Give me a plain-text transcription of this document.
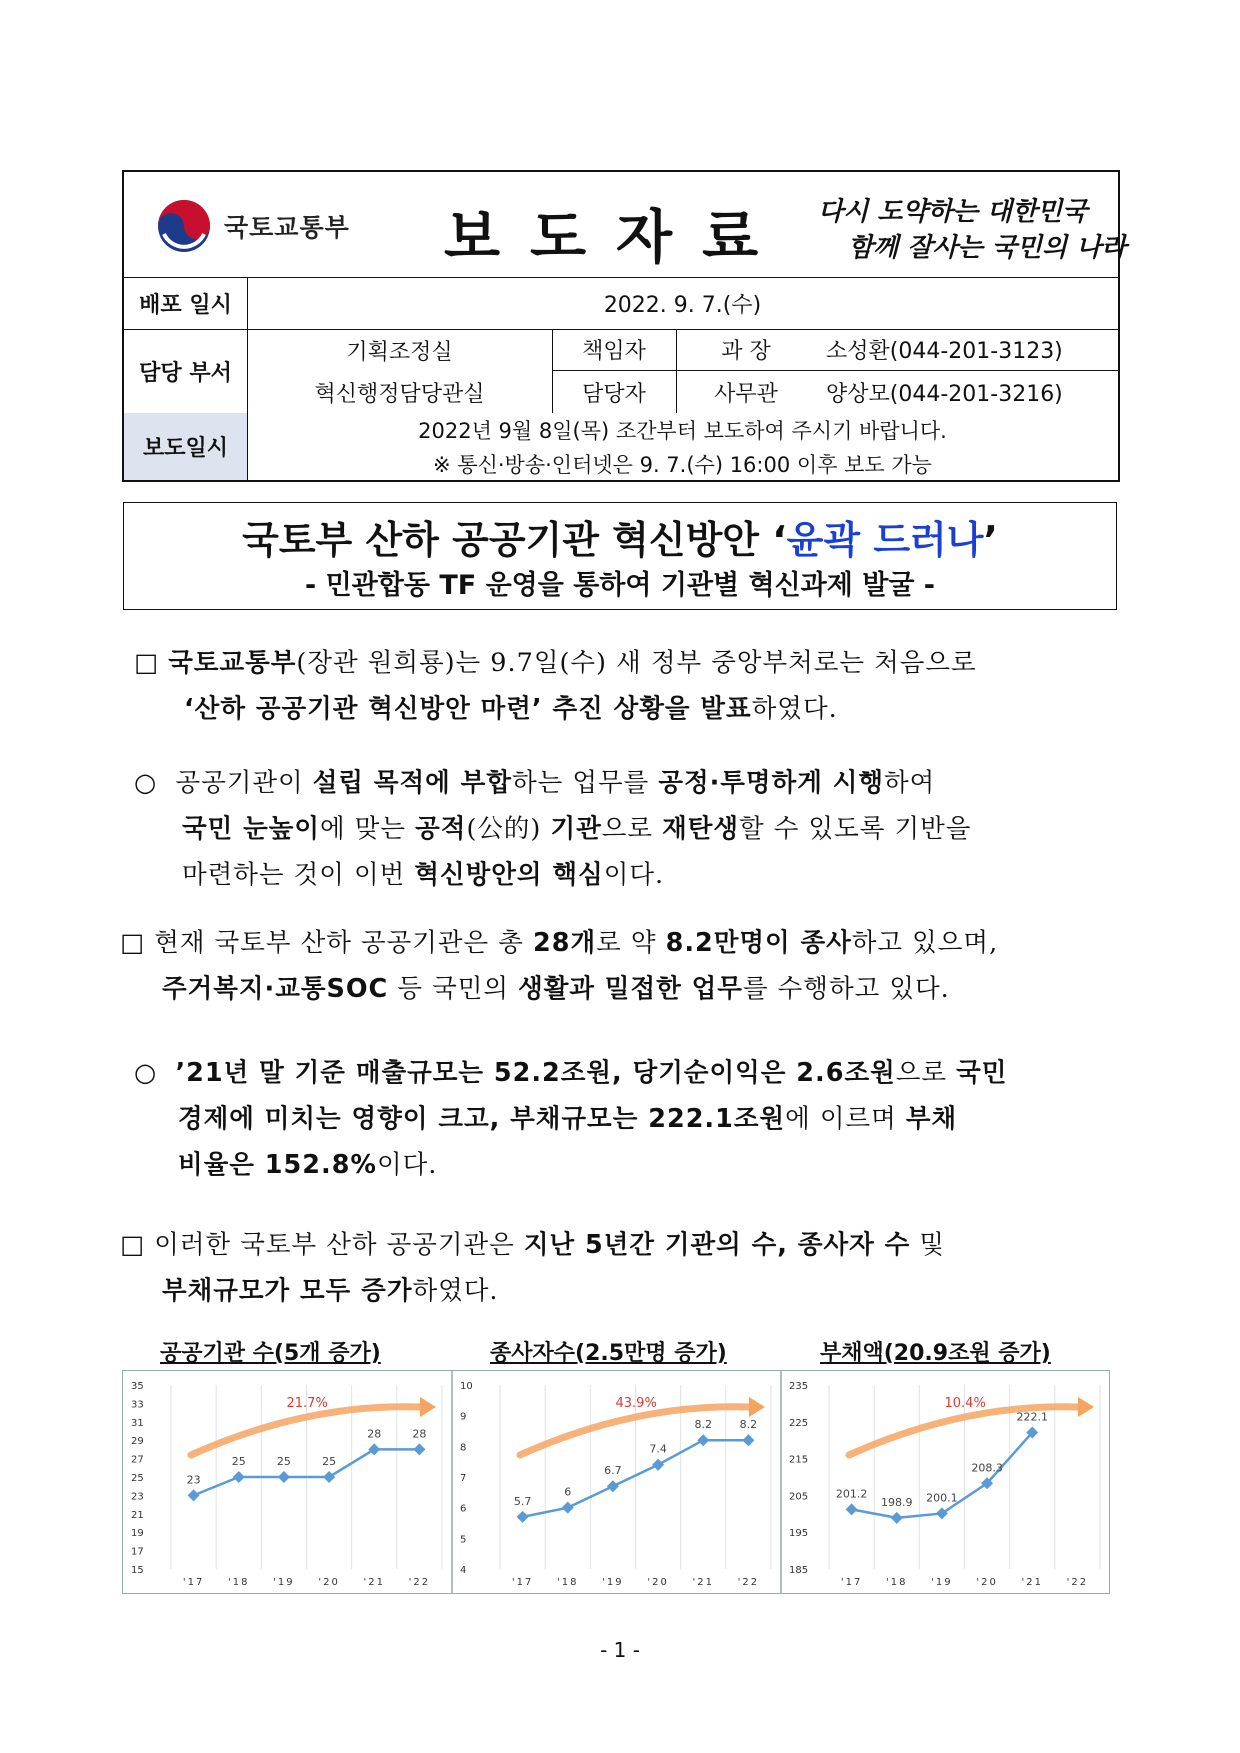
국토교통부 보도자료 다시 도약하는 대한민국
함께 잘사는 국민의 나라
배포 일시	2022. 9. 7.(수)
담당 부서
기획조정실
혁신행정담당관실
책임자	과 장	소성환(044-201-3123)
담당자	사무관	양상모(044-201-3216)
보도일시
2022년 9월 8일(목) 조간부터 보도하여 주시기 바랍니다.
※ 통신·방송·인터넷은 9. 7.(수) 16:00 이후 보도 가능
국토부 산하 공공기관 혁신방안 ‘윤곽 드러나’
- 민관합동 TF 운영을 통하여 기관별 혁신과제 발굴 -
□ 국토교통부(장관 원희룡)는 9.7일(수) 새 정부 중앙부처로는 처음으로
‘산하 공공기관 혁신방안 마련’ 추진 상황을 발표하였다.
○ 공공기관이 설립 목적에 부합하는 업무를 공정·투명하게 시행하여
국민 눈높이에 맞는 공적(公的) 기관으로 재탄생할 수 있도록 기반을
마련하는 것이 이번 혁신방안의 핵심이다.
□ 현재 국토부 산하 공공기관은 총 28개로 약 8.2만명이 종사하고 있으며,
주거복지·교통SOC 등 국민의 생활과 밀접한 업무를 수행하고 있다.
○ ’21년 말 기준 매출규모는 52.2조원, 당기순이익은 2.6조원으로 국민
경제에 미치는 영향이 크고, 부채규모는 222.1조원에 이르며 부채
비율은 152.8%이다.
□ 이러한 국토부 산하 공공기관은 지난 5년간 기관의 수, 종사자 수 및
부채규모가 모두 증가하였다.
공공기관 수(5개 증가)	종사자수(2.5만명 증가)	부채액(20.9조원 증가)
15
17
19
21
23
25
27
29
31
33
35
'17 '18 '19 '20 '21 '22
21.7%
23
25	25	25
28	28
4
5
6
7
8
9
10
'17 '18 '19 '20 '21 '22
43.9%
5.7
6
6.7
7.4
8.2	8.2
185
195
205
215
225
235
'17 '18 '19 '20 '21 '22
10.4%
201.2
198.9 200.1
208.3
222.1
- 1 -
